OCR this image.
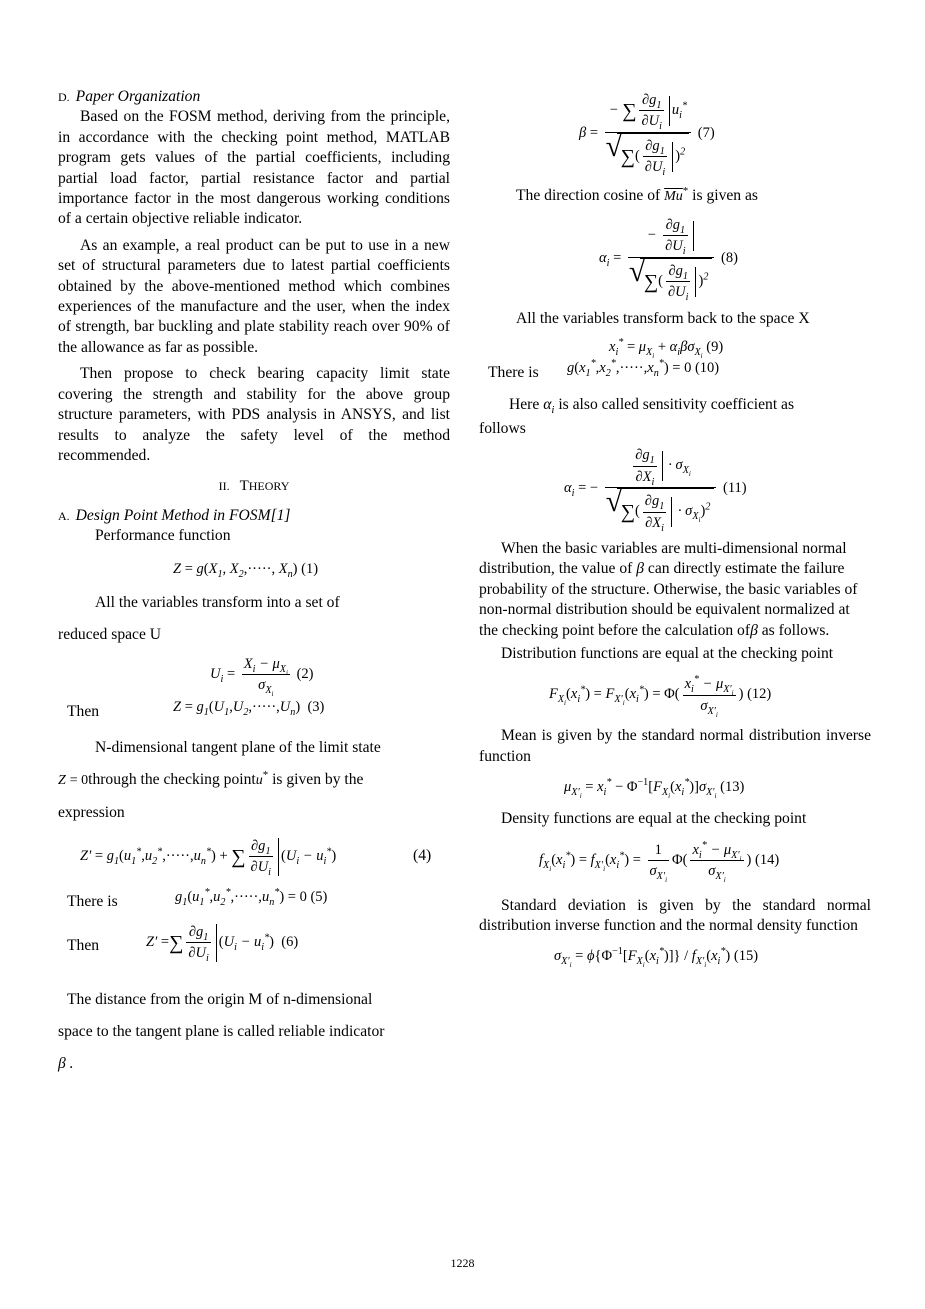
D. Paper Organization

Based on the FOSM method, deriving from the principle, in accordance with the checking point method, MATLAB program gets values of the partial coefficients, including partial load factor, partial resistance factor and partial importance factor in the most dangerous working conditions of a certain objective reliable indicator.

As an example, a real product can be put to use in a new set of structural parameters due to latest partial coefficients obtained by the above-mentioned method which combines experiences of the manufacture and the user, when the index of strength, bar buckling and plate stability reach over 90% of the allowance as far as possible.

Then propose to check bearing capacity limit state covering the strength and stability for the above group structure parameters, with PDS analysis in ANSYS, and list results to analyze the safety level of the method recommended.

II. THEORY

A. Design Point Method in FOSM[1]

Performance function

$Z = g(X_1$, $X_2,\cdot\cdot\cdot\cdot\cdot$, $X_n$) (1)

All the variables transform into a set of

reduced space U

$U_i = \frac{X_i - \mu_{X_i}}{\sigma_{X_i}} (2)$
Then	$Z = g_1(U_1,U_2,\cdot\cdot\cdot\cdot\cdot,U_n)$ (3)

N-dimensional tangent plane of the limit state

Z = 0through the checking pointu* is given by the

expression

$Z' = g_1(u_1^*,u_2^*,\cdot\cdot\cdot\cdot\cdot,u_n^*)$ + ∑ $\frac{\partial g_1}{\partial U_i} (U_i - u_i^*)$	(4)
There is	$g_1(u_1^*,u_2^*,\cdot\cdot\cdot\cdot\cdot,u_n^*) = 0$ (5)
Then	Z′ =∑ $\frac{\partial g_1}{\partial U_i} (U_i - u_i^*)$ (6)

The distance from the origin M of n-dimensional

space to the tangent plane is called reliable indicator

β .

β = − ∑ $\frac{\partial g_1}{\partial U_i} u_i^*$
√ ∑( $\frac{\partial g_1}{\partial U_i} )^2$ (7)

The direction cosine of $\overline{Mu}^*$ is given as

$\alpha_i$ = − $\frac{\partial g_1}{\partial U_i}$
√ ∑( $\frac{\partial g_1}{\partial U_i} )^2$ (8)

All the variables transform back to the space X

$x_i^* = \mu_{X_i} + \alpha_i\beta\sigma_{X_i}$ (9)
There is $g(x_1^*,x_2^*,\cdot\cdot\cdot\cdot\cdot,x_n^*) = 0$ (10)

Here $\alpha_i$ is also called sensitivity coefficient as

follows

$\alpha_i$ = − $\frac{\partial g_1}{\partial X_i} \cdot \sigma_{X_i}$
√ ∑( $\frac{\partial g_1}{\partial X_i} \cdot \sigma_{X_i})^2$ (11)

When the basic variables are multi-dimensional normal distribution, the value of β can directly estimate the failure probability of the structure. Otherwise, the basic variables of non-normal distribution should be equivalent normalized at the checking point before the calculation ofβ as follows.

Distribution functions are equal at the checking point

$F_{X_i}(x_i^*) = F_{X'_i}(x_i^*) = \Phi( \frac{x_i^* - \mu_{X'_i}}{\sigma_{X'_i}}$ ) (12)

Mean is given by the standard normal distribution inverse function

$\mu_{X'_i} = x_i^* - \Phi^{-1}[F_{X_i}(x_i^*)]\sigma_{X'_i}$ (13)

Density functions are equal at the checking point

$f_{X_i}(x_i^*) = f_{X'_i}(x_i^*) = \frac{1}{\sigma_{X'_i}} \Phi( \frac{x_i^* - \mu_{X'_i}}{\sigma_{X'_i}}$ ) (14)

Standard deviation is given by the standard normal distribution inverse function and the normal density function

$\sigma_{X'_i} = \phi\{\Phi^{-1}[F_{X_i}(x_i^*)]\} / f_{X'_i}(x_i^*)$ (15)
1228
